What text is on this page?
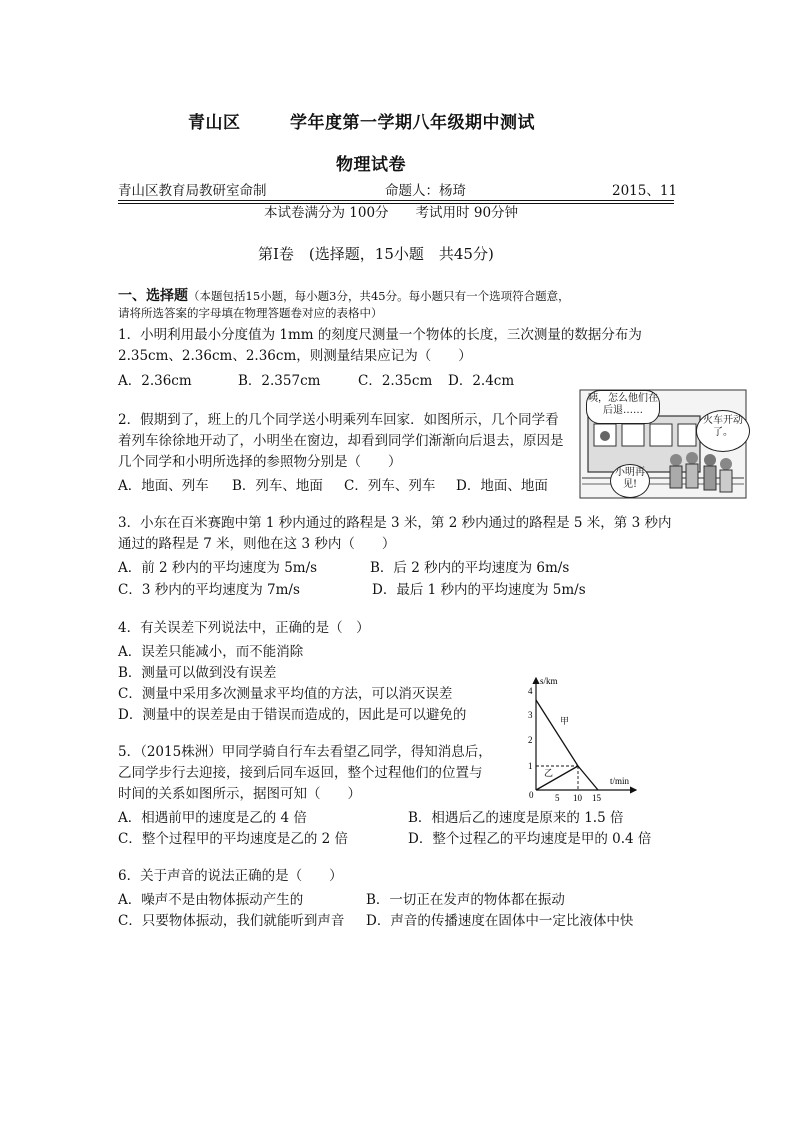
青山区	学年度第一学期八年级期中测试
物理试卷
青山区教育局教研室命制	命题人：杨琦	2015、11
本试卷满分为 100分　　考试用时 90分钟
第Ⅰ卷　(选择题，15小题　共45分)
一、选择题（本题包括15小题，每小题3分，共45分。每小题只有一个选项符合题意，
请将所选答案的字母填在物理答题卷对应的表格中）
1．小明利用最小分度值为 1mm 的刻度尺测量一个物体的长度，三次测量的数据分布为
2.35cm、2.36cm、2.36cm，则测量结果应记为（　　）
A．2.36cm	B．2.357cm	C．2.35cm D．2.4cm
2．假期到了，班上的几个同学送小明乘列车回家．如图所示，几个同学看
着列车徐徐地开动了，小明坐在窗边，却看到同学们渐渐向后退去，原因是
几个同学和小明所选择的参照物分别是（　　）
A．地面、列车 B．列车、地面 C．列车、列车 D．地面、地面
咦，怎么他们在后退……
火车开动了。
小明再见!
3．小东在百米赛跑中第 1 秒内通过的路程是 3 米，第 2 秒内通过的路程是 5 米，第 3 秒内
通过的路程是 7 米，则他在这 3 秒内（　　）
A．前 2 秒内的平均速度为 5m/s	B．后 2 秒内的平均速度为 6m/s
C．3 秒内的平均速度为 7m/s	D．最后 1 秒内的平均速度为 5m/s
4．有关误差下列说法中，正确的是（　）
A．误差只能减小，而不能消除
B．测量可以做到没有误差
C．测量中采用多次测量求平均值的方法，可以消灭误差
D．测量中的误差是由于错误而造成的，因此是可以避免的
5．（2015株洲）甲同学骑自行车去看望乙同学，得知消息后，
乙同学步行去迎接，接到后同车返回，整个过程他们的位置与
时间的关系如图所示，据图可知（　　）
A．相遇前甲的速度是乙的 4 倍	B．相遇后乙的速度是原来的 1.5 倍
C．整个过程甲的平均速度是乙的 2 倍	D．整个过程乙的平均速度是甲的 0.4 倍
s/km
t/min
0
1
2
3
4
5 10 15
甲
乙
6．关于声音的说法正确的是（　　）
A．噪声不是由物体振动产生的	B．一切正在发声的物体都在振动
C．只要物体振动，我们就能听到声音 D．声音的传播速度在固体中一定比液体中快
